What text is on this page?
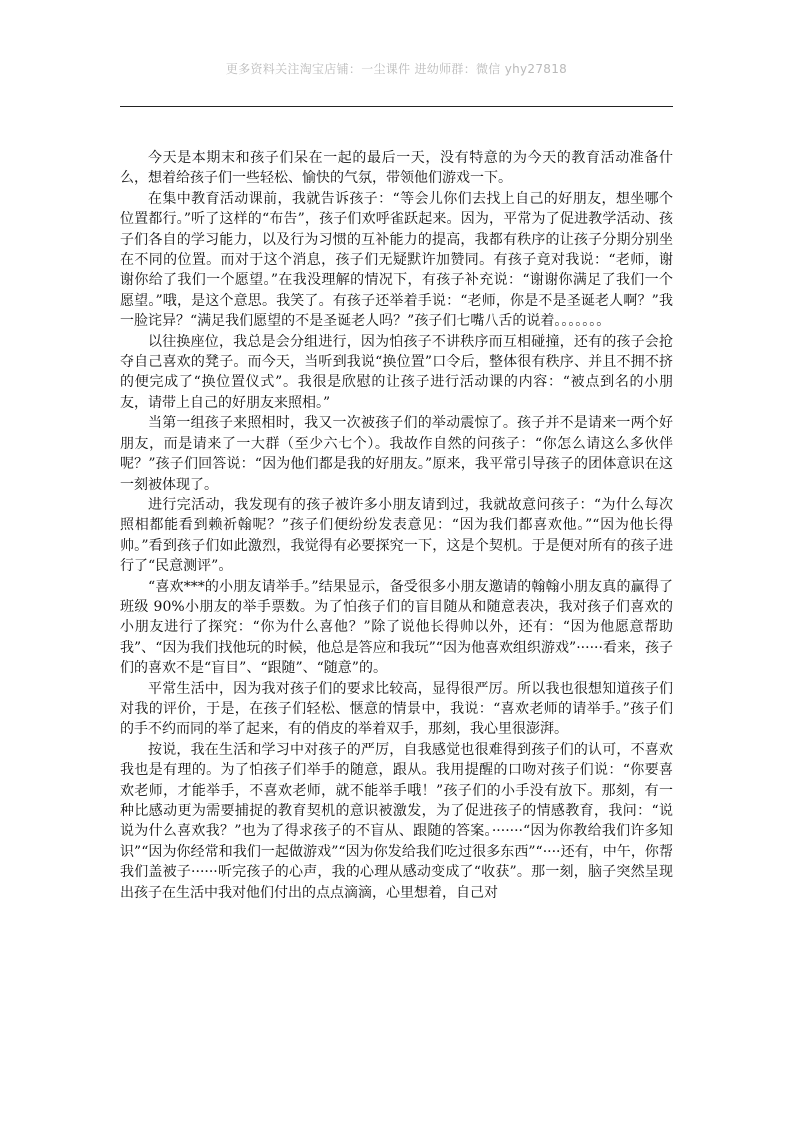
更多资料关注淘宝店铺：一尘课件 进幼师群：微信 yhy27818

今天是本期末和孩子们呆在一起的最后一天，没有特意的为今天的教育活动准备什么，想着给孩子们一些轻松、愉快的气氛，带领他们游戏一下。

在集中教育活动课前，我就告诉孩子：“等会儿你们去找上自己的好朋友，想坐哪个位置都行。”听了这样的“布告”，孩子们欢呼雀跃起来。因为，平常为了促进教学活动、孩子们各自的学习能力，以及行为习惯的互补能力的提高，我都有秩序的让孩子分期分别坐在不同的位置。而对于这个消息，孩子们无疑默许加赞同。有孩子竟对我说：“老师，谢谢你给了我们一个愿望。”在我没理解的情况下，有孩子补充说：“谢谢你满足了我们一个愿望。”哦，是这个意思。我笑了。有孩子还举着手说：“老师，你是不是圣诞老人啊？”我一脸诧异？“满足我们愿望的不是圣诞老人吗？”孩子们七嘴八舌的说着。。。。。。。

以往换座位，我总是会分组进行，因为怕孩子不讲秩序而互相碰撞，还有的孩子会抢夺自己喜欢的凳子。而今天，当听到我说“换位置”口令后，整体很有秩序、并且不拥不挤的便完成了“换位置仪式”。我很是欣慰的让孩子进行活动课的内容：“被点到名的小朋友，请带上自己的好朋友来照相。”

当第一组孩子来照相时，我又一次被孩子们的举动震惊了。孩子并不是请来一两个好朋友，而是请来了一大群（至少六七个）。我故作自然的问孩子：“你怎么请这么多伙伴呢？”孩子们回答说：“因为他们都是我的好朋友。”原来，我平常引导孩子的团体意识在这一刻被体现了。

进行完活动，我发现有的孩子被许多小朋友请到过，我就故意问孩子：“为什么每次照相都能看到赖祈翰呢？”孩子们便纷纷发表意见：“因为我们都喜欢他。”“因为他长得帅。”看到孩子们如此激烈，我觉得有必要探究一下，这是个契机。于是便对所有的孩子进行了“民意测评”。

“喜欢***的小朋友请举手。”结果显示，备受很多小朋友邀请的翰翰小朋友真的赢得了班级 90%小朋友的举手票数。为了怕孩子们的盲目随从和随意表决，我对孩子们喜欢的小朋友进行了探究：“你为什么喜他？”除了说他长得帅以外，还有：“因为他愿意帮助我”、“因为我们找他玩的时候，他总是答应和我玩”“因为他喜欢组织游戏”······看来，孩子们的喜欢不是“盲目”、“跟随”、“随意”的。

平常生活中，因为我对孩子们的要求比较高，显得很严厉。所以我也很想知道孩子们对我的评价，于是，在孩子们轻松、惬意的情景中，我说：“喜欢老师的请举手。”孩子们的手不约而同的举了起来，有的俏皮的举着双手，那刻，我心里很澎湃。

按说，我在生活和学习中对孩子的严厉，自我感觉也很难得到孩子们的认可，不喜欢我也是有理的。为了怕孩子们举手的随意，跟从。我用提醒的口吻对孩子们说：“你要喜欢老师，才能举手，不喜欢老师，就不能举手哦！”孩子们的小手没有放下。那刻，有一种比感动更为需要捕捉的教育契机的意识被激发，为了促进孩子的情感教育，我问：“说说为什么喜欢我？”也为了得求孩子的不盲从、跟随的答案。·······“因为你教给我们许多知识”“因为你经常和我们一起做游戏”“因为你发给我们吃过很多东西”“····还有，中午，你帮我们盖被子······听完孩子的心声，我的心理从感动变成了“收获”。那一刻，脑子突然呈现出孩子在生活中我对他们付出的点点滴滴，心里想着，自己对
